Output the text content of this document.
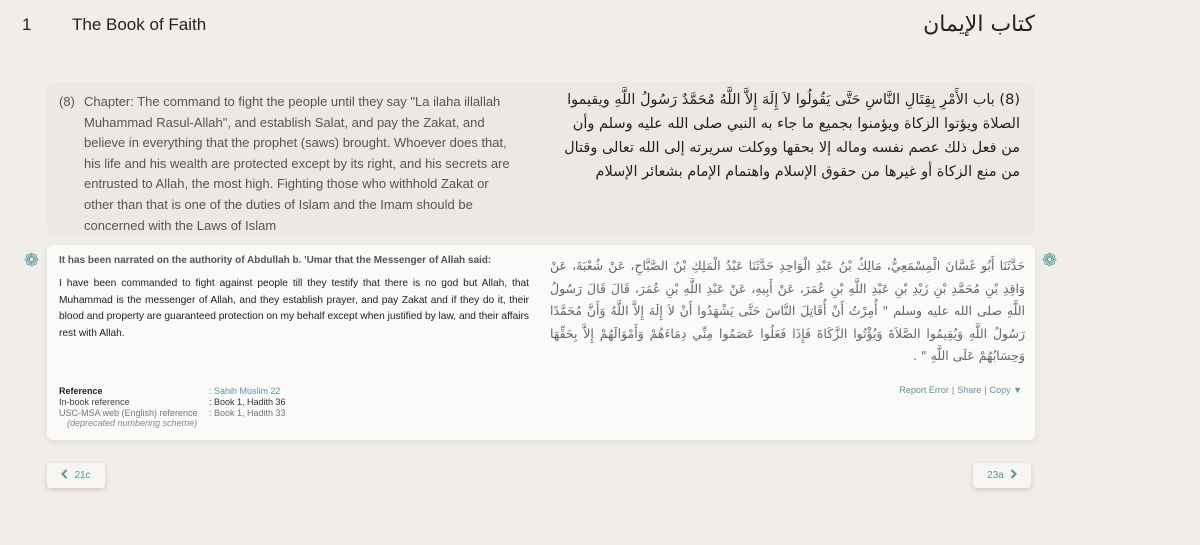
1 The Book of Faith	كتاب الإيمان
(8) Chapter: The command to fight the people until they say "La ilaha illallah Muhammad Rasul-Allah", and establish Salat, and pay the Zakat, and believe in everything that the prophet (saws) brought. Whoever does that, his life and his wealth are protected except by its right, and his secrets are entrusted to Allah, the most high. Fighting those who withhold Zakat or other than that is one of the duties of Islam and the Imam should be concerned with the Laws of Islam
(8) باب الأَمْرِ بِقِتَالِ النَّاسِ حَتَّى يَقُولُوا لاَ إِلَهَ إِلاَّ اللَّهُ مُحَمَّدٌ رَسُولُ اللَّهِ ويقيموا الصلاة ويؤتوا الزكاة ويؤمنوا بجميع ما جاء به النبي صلى الله عليه وسلم وأن من فعل ذلك عصم نفسه وماله إلا بحقها ووكلت سريرته إلى الله تعالى وقتال من منع الزكاة أو غيرها من حقوق الإسلام واهتمام الإمام بشعائر الإسلام
❁	❁
It has been narrated on the authority of Abdullah b. 'Umar that the Messenger of Allah said:
I have been commanded to fight against people till they testify that there is no god but Allah, that Muhammad is the messenger of Allah, and they establish prayer, and pay Zakat and if they do it, their blood and property are guaranteed protection on my behalf except when justified by law, and their affairs rest with Allah.
حَدَّثَنَا أَبُو غَسَّانَ الْمِسْمَعِيُّ، مَالِكُ بْنُ عَبْدِ الْوَاحِدِ حَدَّثَنَا عَبْدُ الْمَلِكِ بْنُ الصَّبَّاحِ، عَنْ شُعْبَةَ، عَنْ وَاقِدِ بْنِ مُحَمَّدِ بْنِ زَيْدِ بْنِ عَبْدِ اللَّهِ بْنِ عُمَرَ، عَنْ أَبِيهِ، عَنْ عَبْدِ اللَّهِ بْنِ عُمَرَ، قَالَ قَالَ رَسُولُ اللَّهِ صلى الله عليه وسلم " أُمِرْتُ أَنْ أُقَاتِلَ النَّاسَ حَتَّى يَشْهَدُوا أَنْ لاَ إِلَهَ إِلاَّ اللَّهُ وَأَنَّ مُحَمَّدًا رَسُولُ اللَّهِ وَيُقِيمُوا الصَّلاَةَ وَيُؤْتُوا الزَّكَاةَ فَإِذَا فَعَلُوا عَصَمُوا مِنِّي دِمَاءَهُمْ وَأَمْوَالَهُمْ إِلاَّ بِحَقِّهَا وَحِسَابُهُمْ عَلَى اللَّهِ " .
Reference	: Sahih Muslim 22
In-book reference	: Book 1, Hadith 36
USC-MSA web (English) reference	: Book 1, Hadith 33
(deprecated numbering scheme)
Report Error | Share | Copy ▼
21c	23a
